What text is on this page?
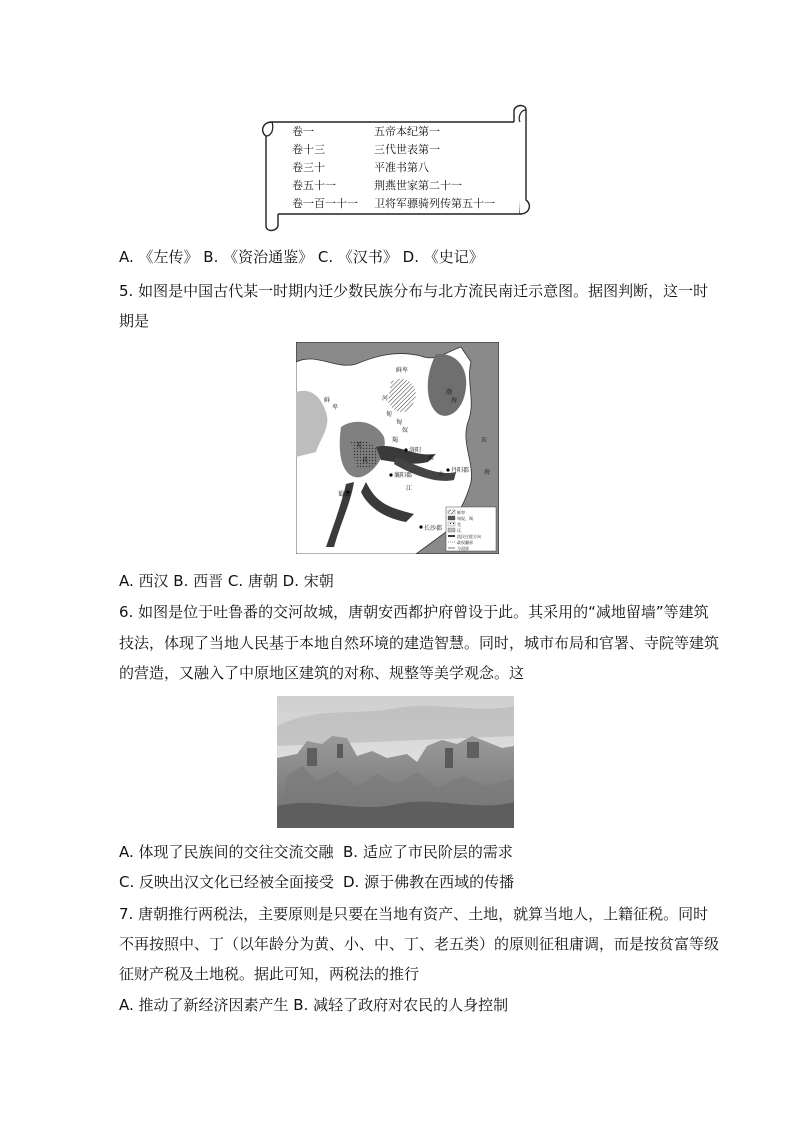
卷一	五帝本纪第一
卷十三	三代世表第一
卷三十	平准书第八
卷五十一	荆燕世家第二十一
卷一百一十一 卫将军骠骑列传第五十一
A. 《左传》 B. 《资治通鉴》 C. 《汉书》 D. 《史记》
5. 如图是中国古代某一时期内迁少数民族分布与北方流民南迁示意图。据图判断，这一时
期是
鲜卑
鲜
卑
河
甸
匈
奴
羯
羌
氐
洛阳
淮
水
丹阳郡
襄阳郡
蜀郡
长沙郡
江
东
海
渤
海
鲜卑
匈奴、羯
羌
氐
流民迁徙方向
政权疆界
今国界
A. 西汉 B. 西晋 C. 唐朝 D. 宋朝
6. 如图是位于吐鲁番的交河故城，唐朝安西都护府曾设于此。其采用的“减地留墙”等建筑
技法，体现了当地人民基于本地自然环境的建造智慧。同时，城市布局和官署、寺院等建筑
的营造，又融入了中原地区建筑的对称、规整等美学观念。这
A. 体现了民族间的交往交流交融 B. 适应了市民阶层的需求
C. 反映出汉文化已经被全面接受 D. 源于佛教在西域的传播
7. 唐朝推行两税法，主要原则是只要在当地有资产、土地，就算当地人，上籍征税。同时
不再按照中、丁（以年龄分为黄、小、中、丁、老五类）的原则征租庸调，而是按贫富等级
征财产税及土地税。据此可知，两税法的推行
A. 推动了新经济因素产生 B. 减轻了政府对农民的人身控制
